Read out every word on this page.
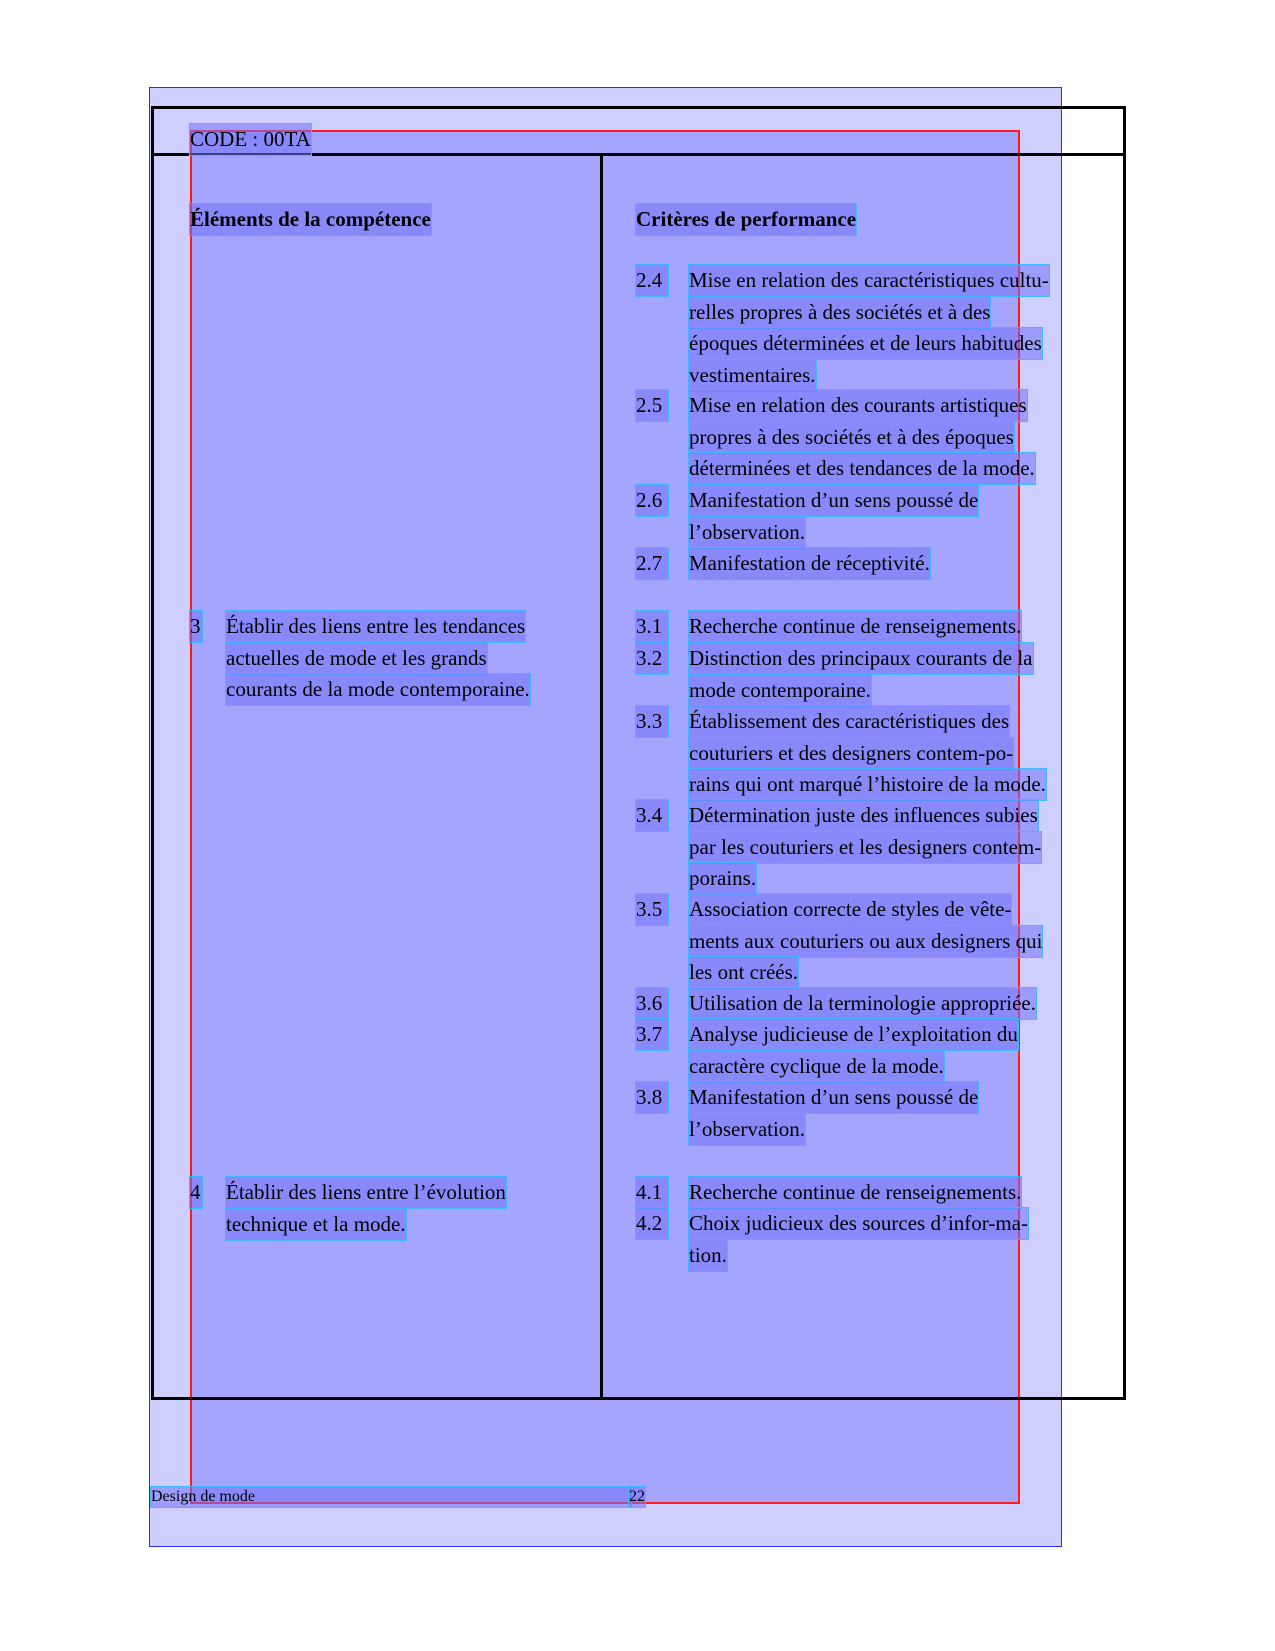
CODE : 00TA
Éléments de la compétence	Critères de performance
2.4 Mise en relation des caractéristiques cultu-
relles propres à des sociétés et à des
époques déterminées et de leurs habitudes
vestimentaires.
2.5 Mise en relation des courants artistiques
propres à des sociétés et à des époques
déterminées et des tendances de la mode.
2.6 Manifestation d’un sens poussé de
l’observation.
2.7 Manifestation de réceptivité.
3.1 Recherche continue de renseignements.
3.2 Distinction des principaux courants de la
mode contemporaine.
3.3 Établissement des caractéristiques des
couturiers et des designers contem-po-
rains qui ont marqué l’histoire de la mode.
3.4 Détermination juste des influences subies
par les couturiers et les designers contem-
porains.
3.5 Association correcte de styles de vête-
ments aux couturiers ou aux designers qui
les ont créés.
3.6 Utilisation de la terminologie appropriée.
3.7 Analyse judicieuse de l’exploitation du
caractère cyclique de la mode.
3.8 Manifestation d’un sens poussé de
l’observation.
4.1 Recherche continue de renseignements.
4.2 Choix judicieux des sources d’infor-ma-
tion.
3 Établir des liens entre les tendances
actuelles de mode et les grands
courants de la mode contemporaine.
4 Établir des liens entre l’évolution
technique et la mode.
Design de mode	22
